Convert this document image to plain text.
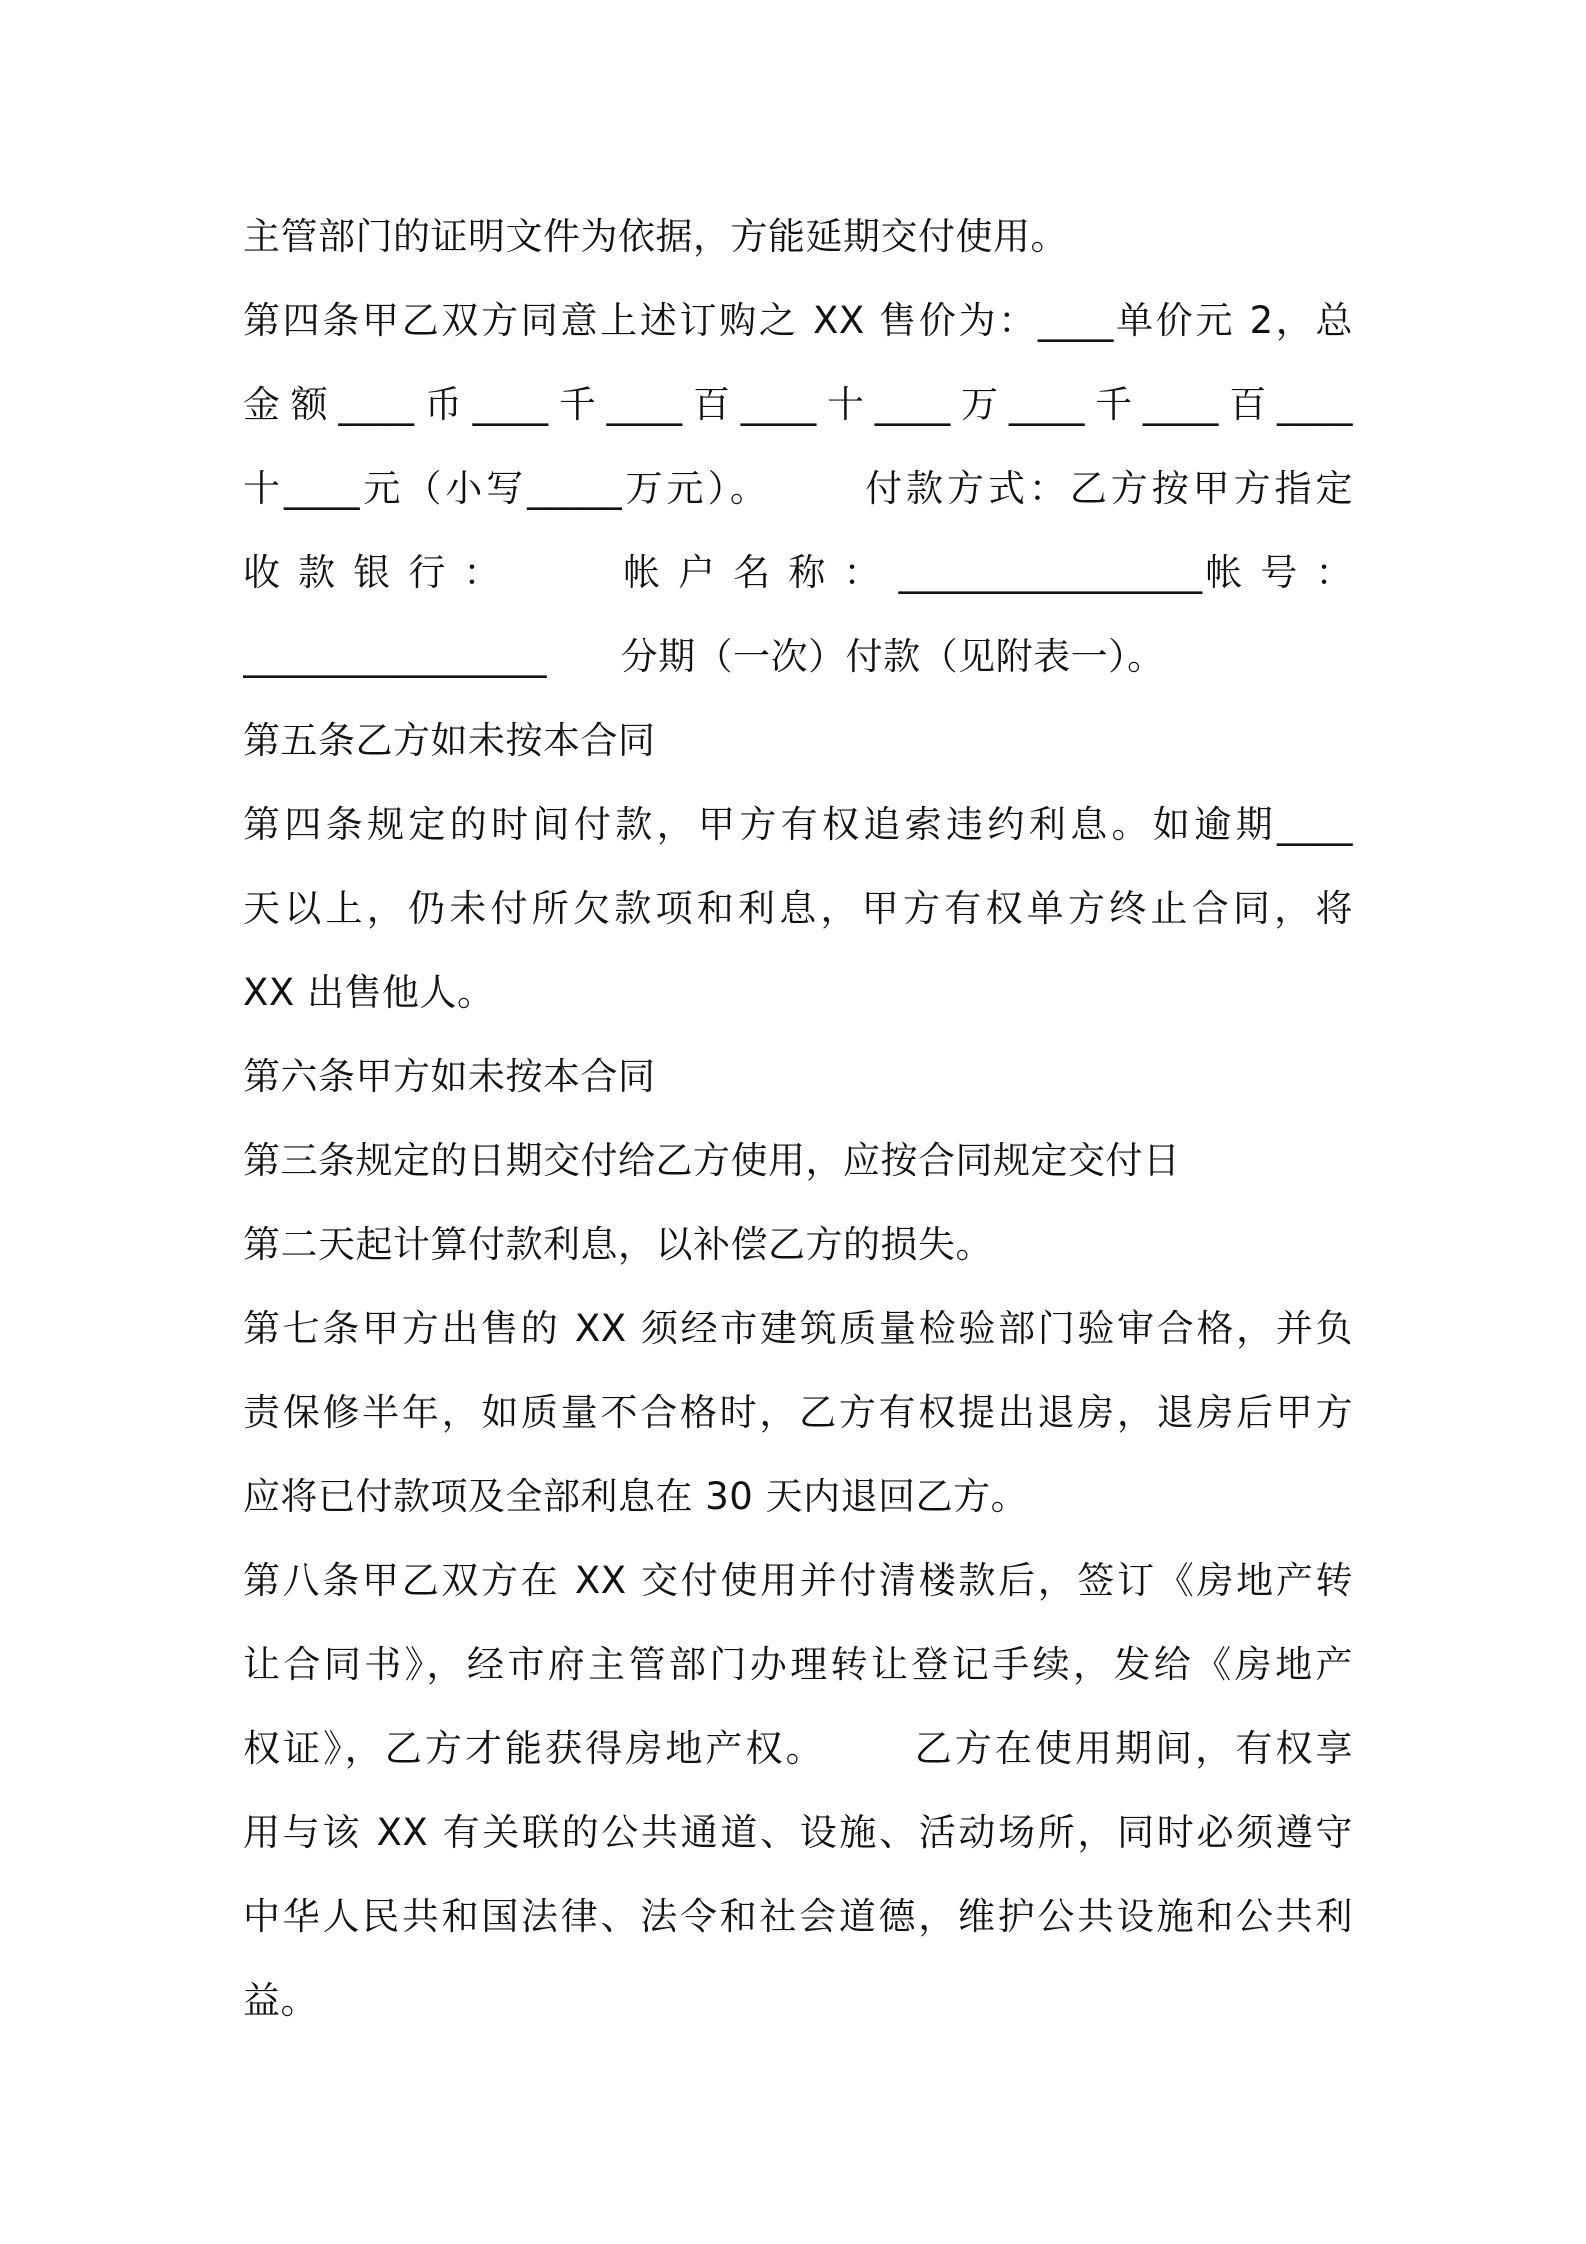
主管部门的证明文件为依据，方能延期交付使用。
第四条甲乙双方同意上述订购之 XX 售价为：____单价元 2，总
金额____币____千____百____十____万____千____百____
十____元（小写_____万元）。      付款方式：乙方按甲方指定
收 款 银 行 ：        帐 户 名 称 ： ________________帐 号 ：
________________      分期（一次）付款（见附表一）。
第五条乙方如未按本合同
第四条规定的时间付款，甲方有权追索违约利息。如逾期____
天以上，仍未付所欠款项和利息，甲方有权单方终止合同，将
XX 出售他人。
第六条甲方如未按本合同
第三条规定的日期交付给乙方使用，应按合同规定交付日
第二天起计算付款利息，以补偿乙方的损失。
第七条甲方出售的 XX 须经市建筑质量检验部门验审合格，并负
责保修半年，如质量不合格时，乙方有权提出退房，退房后甲方
应将已付款项及全部利息在 30 天内退回乙方。
第八条甲乙双方在 XX 交付使用并付清楼款后，签订《房地产转
让合同书》，经市府主管部门办理转让登记手续，发给《房地产
权证》，乙方才能获得房地产权。      乙方在使用期间，有权享
用与该 XX 有关联的公共通道、设施、活动场所，同时必须遵守
中华人民共和国法律、法令和社会道德，维护公共设施和公共利
益。
